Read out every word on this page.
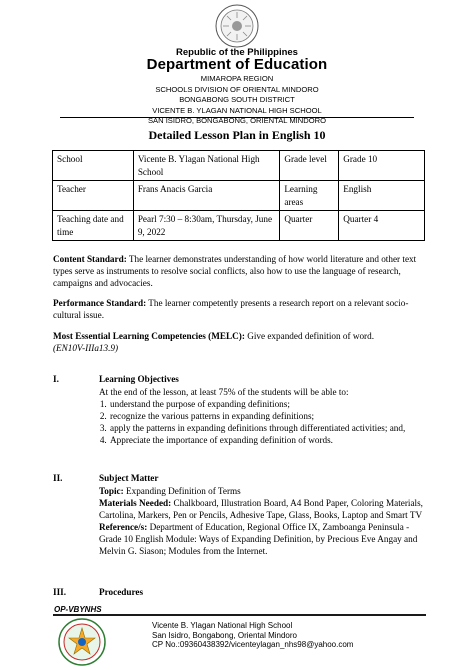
Republic of the Philippines
Department of Education
MIMAROPA REGION
SCHOOLS DIVISION OF ORIENTAL MINDORO
BONGABONG SOUTH DISTRICT
VICENTE B. YLAGAN NATIONAL HIGH SCHOOL
SAN ISIDRO, BONGABONG, ORIENTAL MINDORO
Detailed Lesson Plan in English 10
School	Vicente B. Ylagan National High School	Grade level	Grade 10
Teacher	Frans Anacis Garcia	Learning areas	English
Teaching date and time	Pearl 7:30 – 8:30am, Thursday, June 9, 2022	Quarter	Quarter 4
Content Standard: The learner demonstrates understanding of how world literature and other text types serve as instruments to resolve social conflicts, also how to use the language of research, campaigns and advocacies.
Performance Standard: The learner competently presents a research report on a relevant socio-cultural issue.
Most Essential Learning Competencies (MELC): Give expanded definition of word.
(EN10V-IIIa13.9)
I.	Learning Objectives
At the end of the lesson, at least 75% of the students will be able to:
1. understand the purpose of expanding definitions;
2. recognize the various patterns in expanding definitions;
3. apply the patterns in expanding definitions through differentiated activities; and,
4. Appreciate the importance of expanding definition of words.
II.	Subject Matter
Topic: Expanding Definition of Terms
Materials Needed: Chalkboard, Illustration Board, A4 Bond Paper, Coloring Materials, Cartolina, Markers, Pen or Pencils, Adhesive Tape, Glass, Books, Laptop and Smart TV
Reference/s: Department of Education, Regional Office IX, Zamboanga Peninsula - Grade 10 English Module: Ways of Expanding Definition, by Precious Eve Angay and Melvin G. Siason; Modules from the Internet.
III.	Procedures
OP-VBYNHS
Vicente B. Ylagan National High School
San Isidro, Bongabong, Oriental Mindoro
CP No.:09360438392/vicenteylagan_nhs98@yahoo.com
